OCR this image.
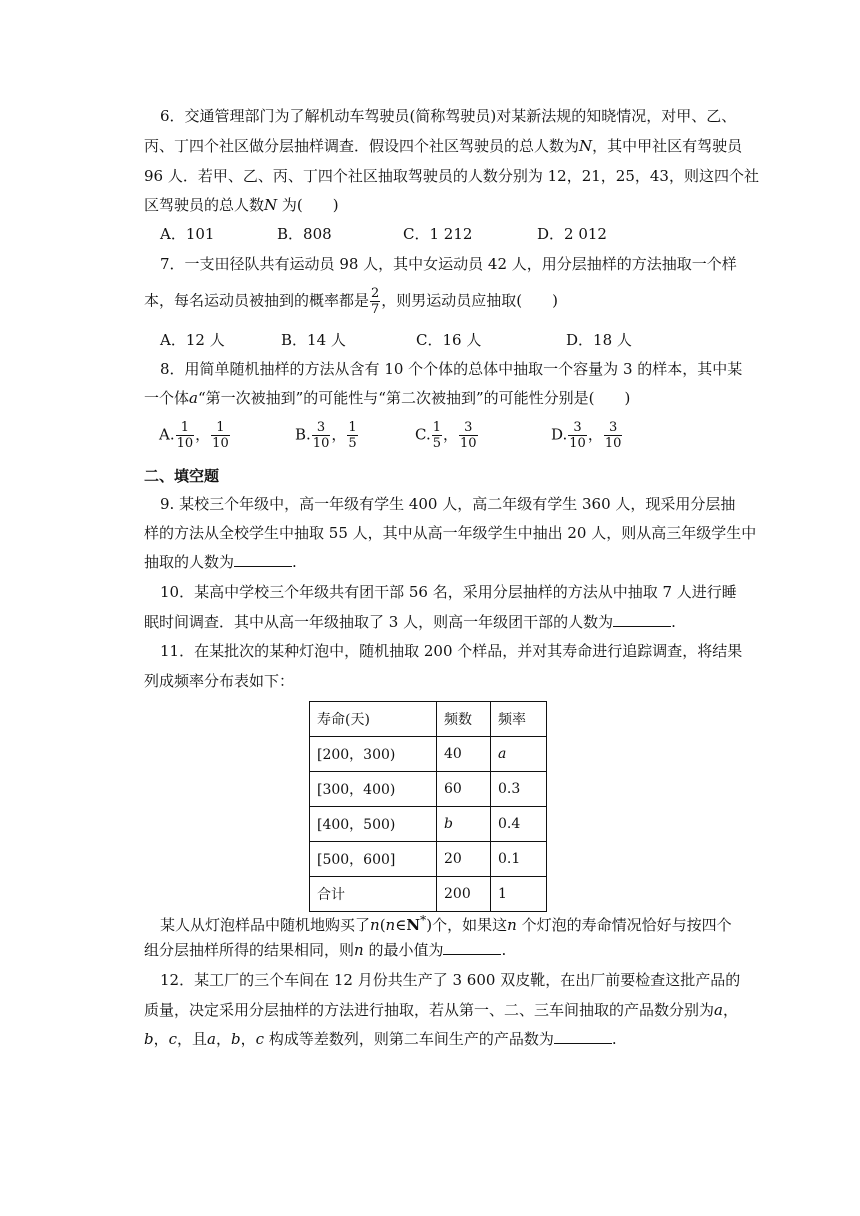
6．交通管理部门为了解机动车驾驶员(简称驾驶员)对某新法规的知晓情况，对甲、乙、
丙、丁四个社区做分层抽样调查．假设四个社区驾驶员的总人数为N，其中甲社区有驾驶员
96 人．若甲、乙、丙、丁四个社区抽取驾驶员的人数分别为 12，21，25，43，则这四个社
区驾驶员的总人数N 为(　　)
A．101	B．808	C．1 212	D．2 012
7．一支田径队共有运动员 98 人，其中女运动员 42 人，用分层抽样的方法抽取一个样
本，每名运动员被抽到的概率都是 $\frac{2}{7}$ ，则男运动员应抽取(　　)
A．12 人	B．14 人	C．16 人	D．18 人
8．用简单随机抽样的方法从含有 10 个个体的总体中抽取一个容量为 3 的样本，其中某
一个体a“第一次被抽到”的可能性与“第二次被抽到”的可能性分别是(　　)
A. $\frac{1}{10}$ ， $\frac{1}{10}$	B. $\frac{3}{10}$ ， $\frac{1}{5}$	C. $\frac{1}{5}$ ， $\frac{3}{10}$	D. $\frac{3}{10}$ ， $\frac{3}{10}$
二、填空题
9. 某校三个年级中，高一年级有学生 400 人，高二年级有学生 360 人，现采用分层抽
样的方法从全校学生中抽取 55 人，其中从高一年级学生中抽出 20 人，则从高三年级学生中
抽取的人数为	.
10．某高中学校三个年级共有团干部 56 名，采用分层抽样的方法从中抽取 7 人进行睡
眠时间调查．其中从高一年级抽取了 3 人，则高一年级团干部的人数为	.
11．在某批次的某种灯泡中，随机抽取 200 个样品，并对其寿命进行追踪调查，将结果
列成频率分布表如下：
寿命(天)	频数	频率
[200，300)	40	a
[300，400)	60	0.3
[400，500)	b	0.4
[500，600]	20	0.1
合计	200	1
某人从灯泡样品中随机地购买了n(n∈N*)个，如果这n 个灯泡的寿命情况恰好与按四个
组分层抽样所得的结果相同，则n 的最小值为	.
12．某工厂的三个车间在 12 月份共生产了 3 600 双皮靴，在出厂前要检查这批产品的
质量，决定采用分层抽样的方法进行抽取，若从第一、二、三车间抽取的产品数分别为a，
b，c，且a，b，c 构成等差数列，则第二车间生产的产品数为	.
